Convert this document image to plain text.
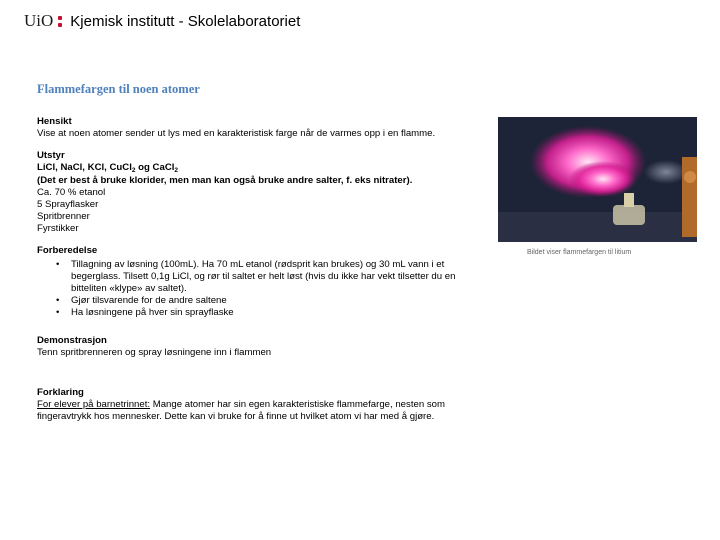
UiO Kjemisk institutt - Skolelaboratoriet
Flammefargen til noen atomer
Hensikt
Vise at noen atomer sender ut lys med en karakteristisk farge når de varmes opp i en flamme.
Utstyr
LiCl, NaCl, KCl, CuCl$_2$ og CaCl$_2$
(Det er best å bruke klorider, men man kan også bruke andre salter, f. eks nitrater).
Ca. 70 % etanol
5 Sprayflasker
Spritbrenner
Fyrstikker
Forberedelse
• Tillagning av løsning (100mL). Ha 70 mL etanol (rødsprit kan brukes) og 30 mL vann i et begerglass. Tilsett 0,1g LiCl, og rør til saltet er helt løst (hvis du ikke har vekt tilsetter du en bitteliten «klype» av saltet).
• Gjør tilsvarende for de andre saltene
• Ha løsningene på hver sin sprayflaske
Demonstrasjon
Tenn spritbrenneren og spray løsningene inn i flammen
Forklaring
For elever på barnetrinnet: Mange atomer har sin egen karakteristiske flammefarge, nesten som fingeravtrykk hos mennesker. Dette kan vi bruke for å finne ut hvilket atom vi har med å gjøre.
Bildet viser flammefargen til litium
